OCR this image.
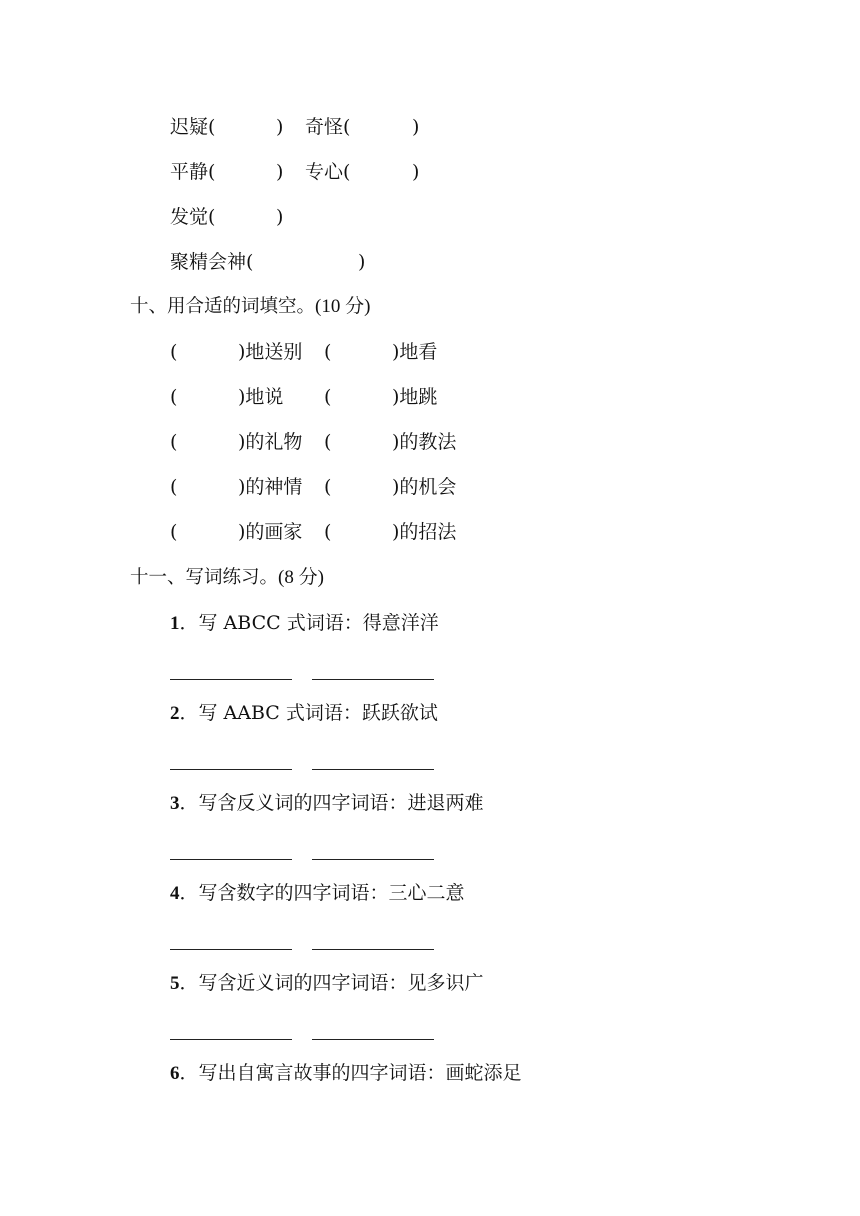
迟疑(	) 奇怪(	)
平静(	) 专心(	)
发觉(	)
聚精会神(	)
十、用合适的词填空。(10 分)
(	)地送别 (	)地看
(	)地说 (	)地跳
(	)的礼物 (	)的教法
(	)的神情 (	)的机会
(	)的画家 (	)的招法
十一、写词练习。(8 分)
1．写 ABCC 式词语：得意洋洋
2．写 AABC 式词语：跃跃欲试
3．写含反义词的四字词语：进退两难
4．写含数字的四字词语：三心二意
5．写含近义词的四字词语：见多识广
6．写出自寓言故事的四字词语：画蛇添足
